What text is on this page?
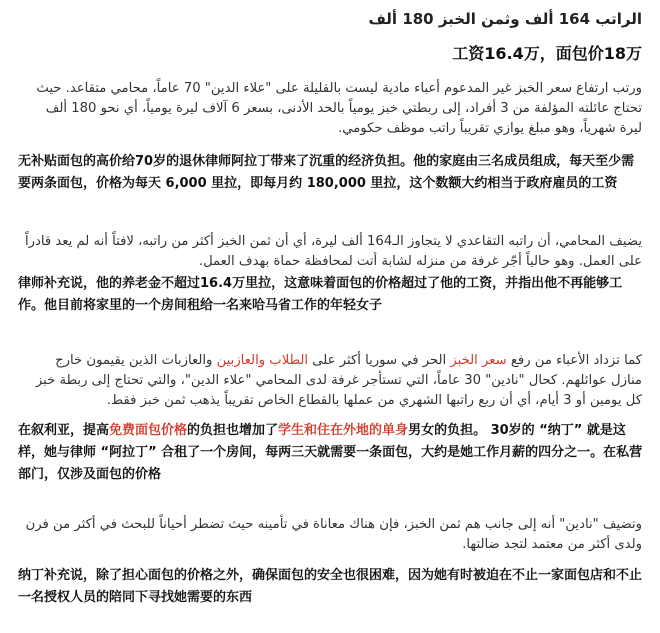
الراتب 164 ألف وثمن الخبز 180 ألف
工资16.4万，面包价18万

ورتب ارتفاع سعر الخبز غير المدعوم أعباء مادية ليست بالقليلة على "علاء الدين" 70 عاماً، محامي متقاعد. حيث تحتاج عائلته المؤلفة من 3 أفراد، إلى ربطتي خبز يومياً بالحد الأدنى، بسعر 6 آلاف ليرة يومياً، أي نحو 180 ألف ليرة شهرياً، وهو مبلغ يوازي تقريباً راتب موظف حكومي.

无补贴面包的高价给70岁的退休律师阿拉丁带来了沉重的经济负担。他的家庭由三名成员组成，每天至少需要两条面包，价格为每天 6,000 里拉，即每月约 180,000 里拉，这个数额大约相当于政府雇员的工资

يضيف المحامي، أن راتبه التقاعدي لا يتجاوز الـ164 ألف ليرة، أي أن ثمن الخبز أكثر من راتبه، لافتاً أنه لم يعد قادراً على العمل. وهو حالياً أجّر غرفة من منزله لشابة أتت لمحافظة حماة بهدف العمل.

律师补充说，他的养老金不超过16.4万里拉，这意味着面包的价格超过了他的工资，并指出他不再能够工作。他目前将家里的一个房间租给一名来哈马省工作的年轻女子

كما تزداد الأعباء من رفع سعر الخبز الحر في سوريا أكثر على الطلاب والعازبين والعازبات الذين يقيمون خارج منازل عوائلهم. كحال "نادين" 30 عاماً، التي تستأجر غرفة لدى المحامي "علاء الدين"، والتي تحتاج إلى ربطة خبز كل يومين أو 3 أيام، أي أن ربع راتبها الشهري من عملها بالقطاع الخاص تقريباً يذهب ثمن خبز فقط.

在叙利亚，提高免费面包价格的负担也增加了学生和住在外地的单身男女的负担。 30岁的 “纳丁” 就是这样，她与律师 “阿拉丁” 合租了一个房间，每两三天就需要一条面包，大约是她工作月薪的四分之一。在私营部门，仅涉及面包的价格

وتضيف "نادين" أنه إلى جانب هم ثمن الخبز، فإن هناك معاناة في تأمينه حيث تضطر أحياناً للبحث في أكثر من فرن ولدى أكثر من معتمد لتجد ضالتها.

纳丁补充说，除了担心面包的价格之外，确保面包的安全也很困难，因为她有时被迫在不止一家面包店和不止一名授权人员的陪同下寻找她需要的东西
